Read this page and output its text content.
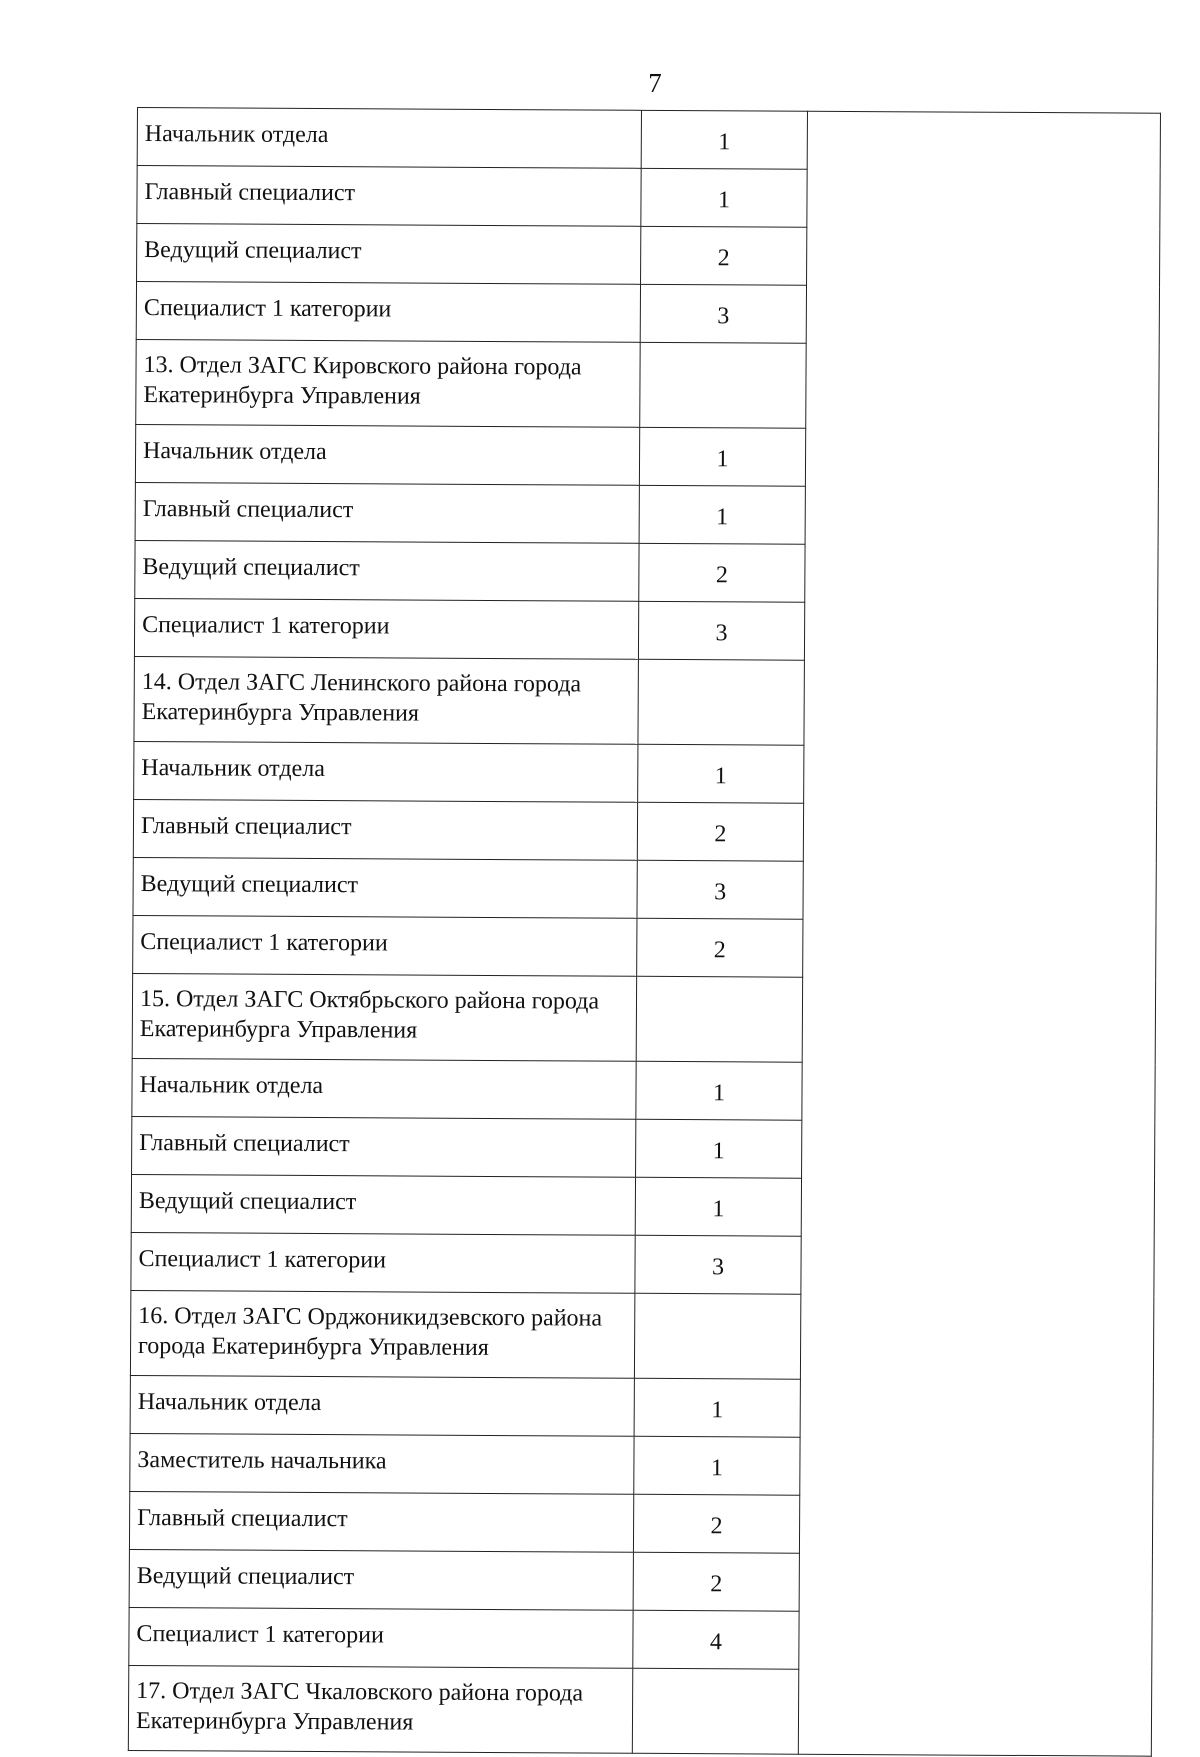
7
Начальник отдела	1	
Главный специалист	1	
Ведущий специалист	2	
Специалист 1 категории	3	
13. Отдел ЗАГС Кировского района города Екатеринбурга Управления		
Начальник отдела	1	
Главный специалист	1	
Ведущий специалист	2	
Специалист 1 категории	3	
14. Отдел ЗАГС Ленинского района города Екатеринбурга Управления		
Начальник отдела	1	
Главный специалист	2	
Ведущий специалист	3	
Специалист 1 категории	2	
15. Отдел ЗАГС Октябрьского района города Екатеринбурга Управления		
Начальник отдела	1	
Главный специалист	1	
Ведущий специалист	1	
Специалист 1 категории	3	
16. Отдел ЗАГС Орджоникидзевского района города Екатеринбурга Управления		
Начальник отдела	1	
Заместитель начальника	1	
Главный специалист	2	
Ведущий специалист	2	
Специалист 1 категории	4	
17. Отдел ЗАГС Чкаловского района города Екатеринбурга Управления		
